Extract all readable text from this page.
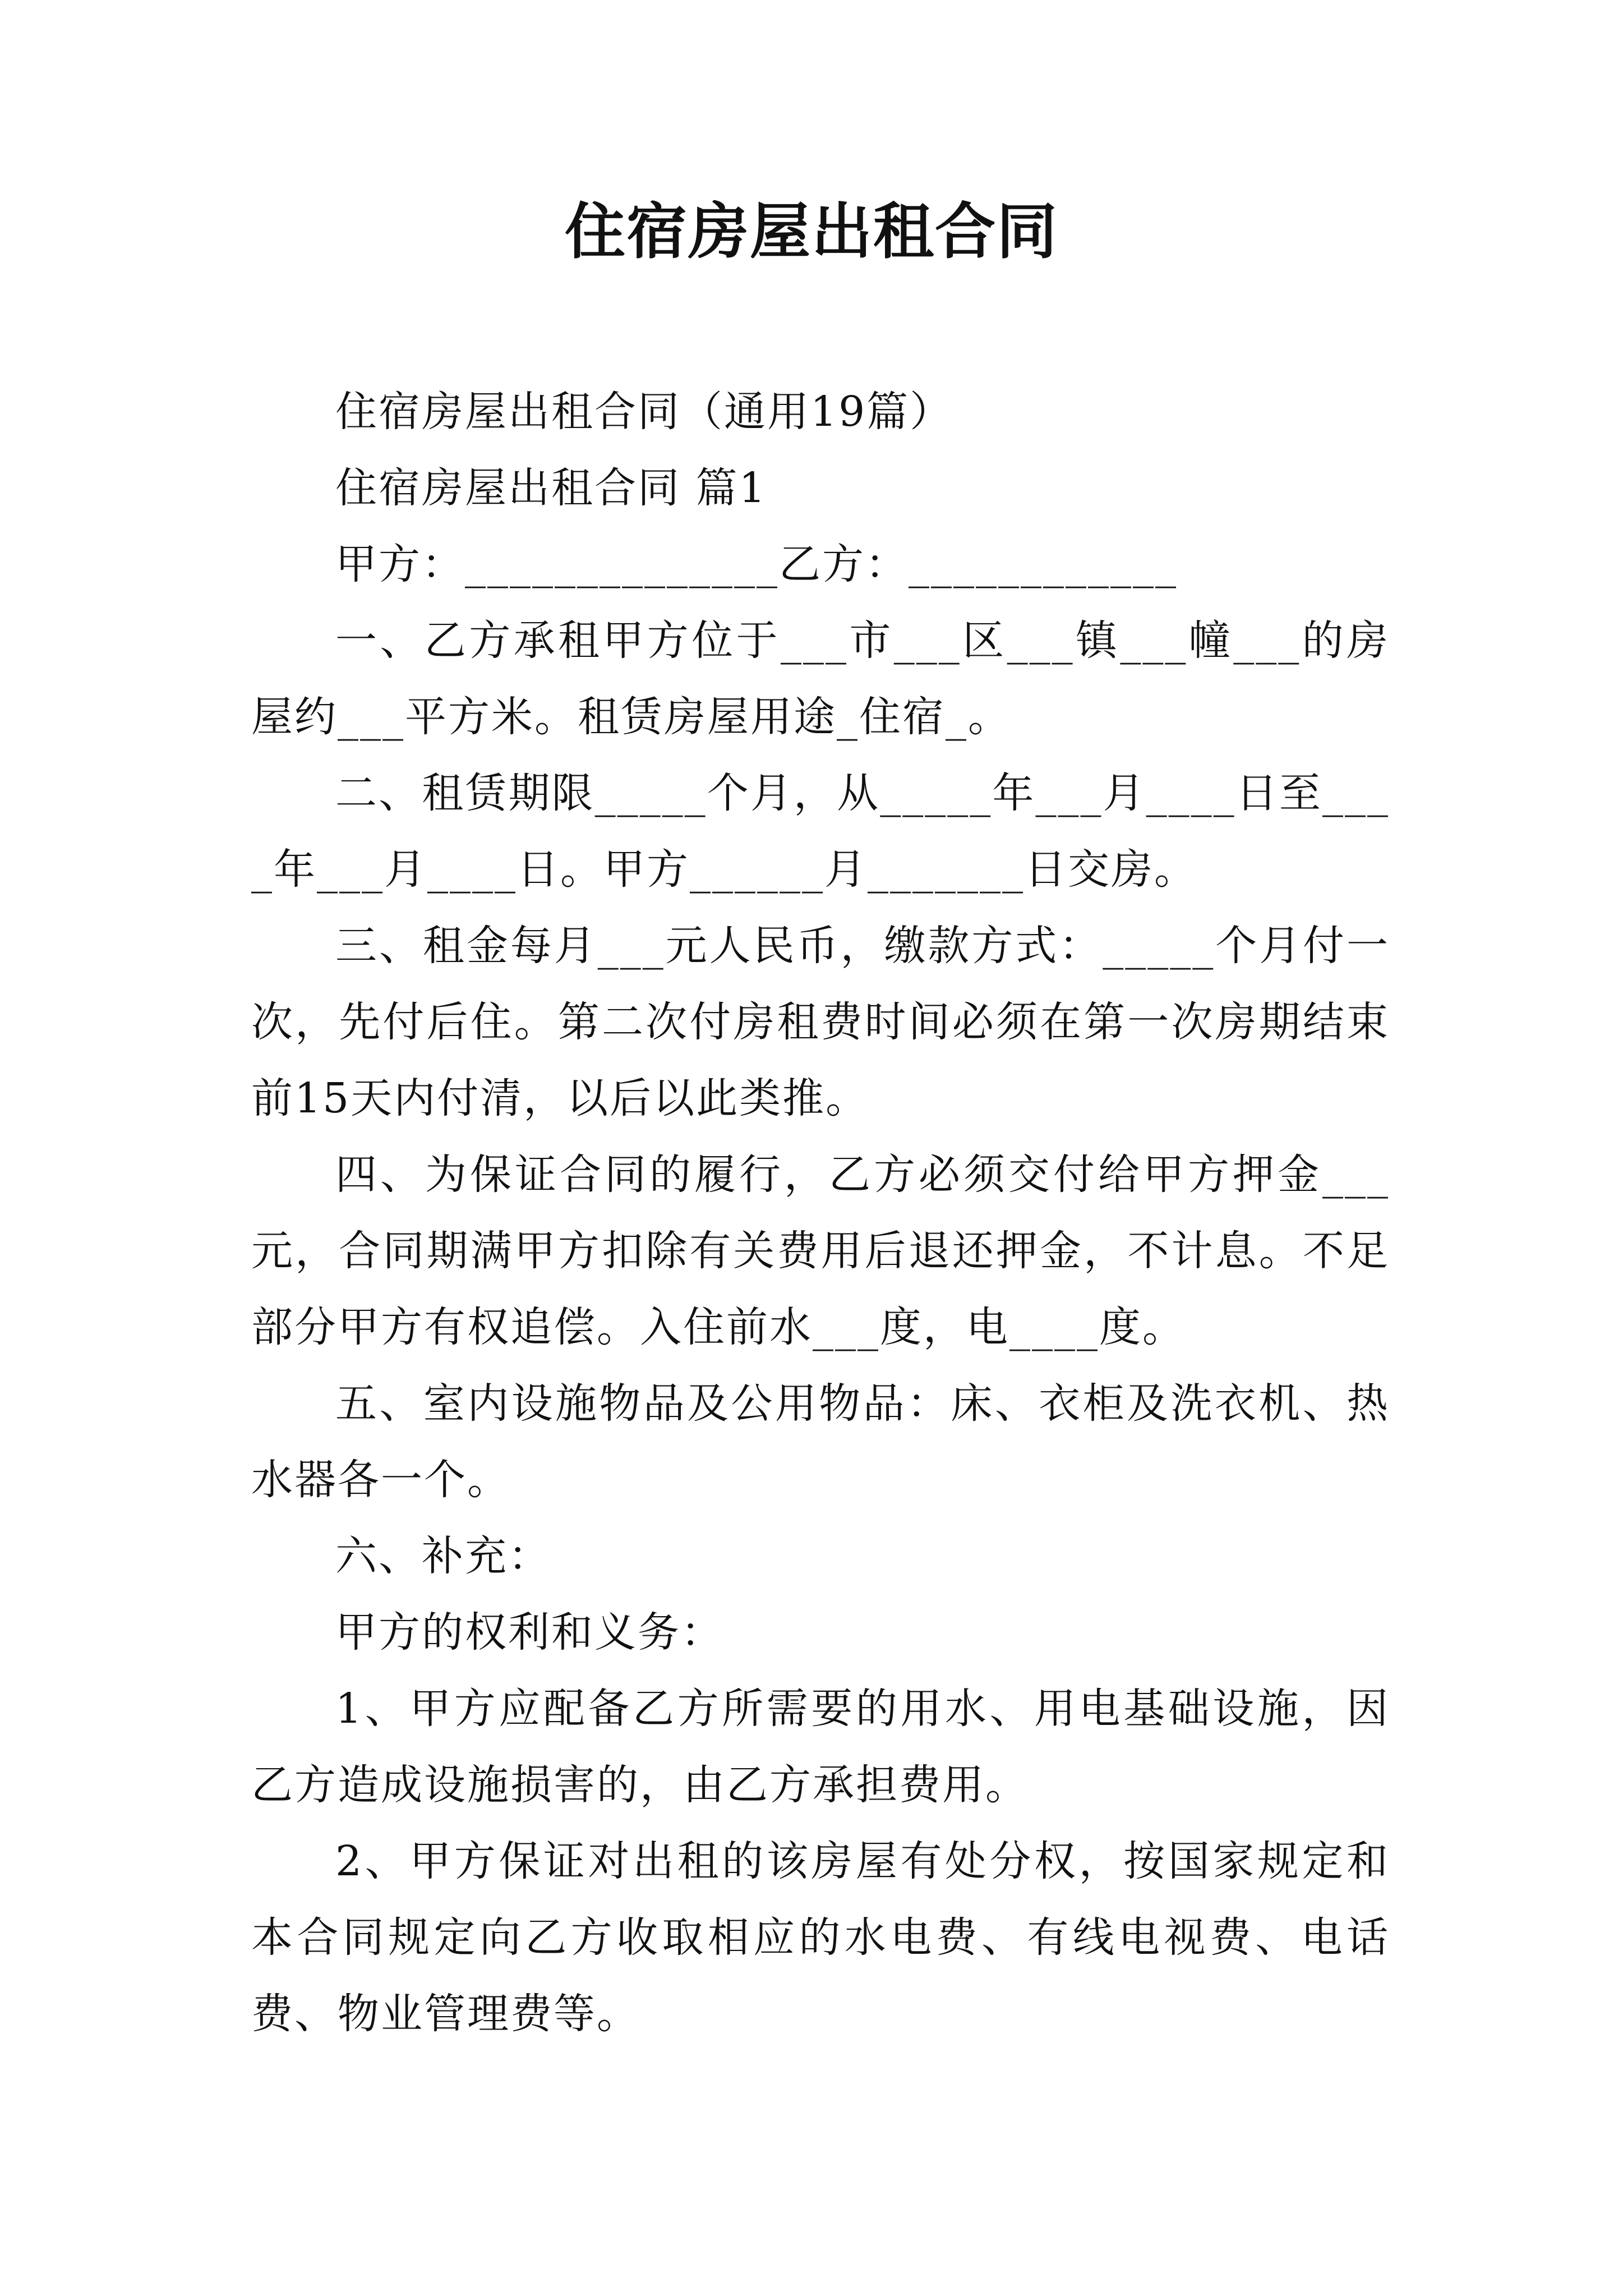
住宿房屋出租合同

住宿房屋出租合同（通用19篇）

住宿房屋出租合同 篇1

甲方：______________乙方：____________

一、乙方承租甲方位于___市___区___镇___幢___的房屋约___平方米。租赁房屋用途_住宿_。

二、租赁期限_____个月，从_____年___月____日至____年___月____日。甲方______月_______日交房。

三、租金每月___元人民币，缴款方式：_____个月付一次，先付后住。第二次付房租费时间必须在第一次房期结束前15天内付清，以后以此类推。

四、为保证合同的履行，乙方必须交付给甲方押金___元，合同期满甲方扣除有关费用后退还押金，不计息。不足部分甲方有权追偿。入住前水___度，电____度。

五、室内设施物品及公用物品：床、衣柜及洗衣机、热水器各一个。

六、补充：

甲方的权利和义务：

1、甲方应配备乙方所需要的用水、用电基础设施，因乙方造成设施损害的，由乙方承担费用。

2、甲方保证对出租的该房屋有处分权，按国家规定和本合同规定向乙方收取相应的水电费、有线电视费、电话费、物业管理费等。
